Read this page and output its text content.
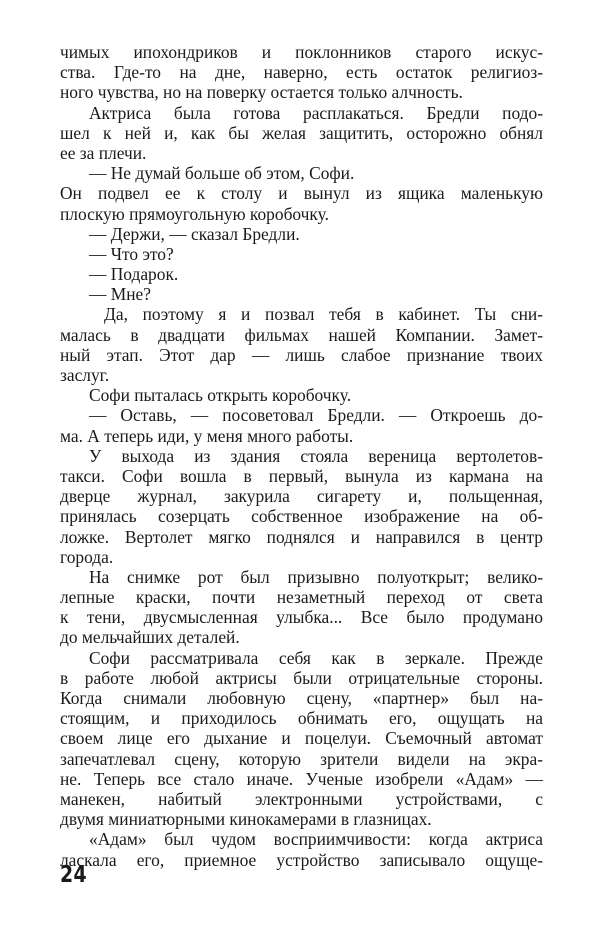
чимых ипохондриков и поклонников старого искус-
ства. Где-то на дне, наверно, есть остаток религиоз-
ного чувства, но на поверку остается только алчность.

Актриса была готова расплакаться. Бредли подо-
шел к ней и, как бы желая защитить, осторожно обнял
ее за плечи.

— Не думай больше об этом, Софи.

Он подвел ее к столу и вынул из ящика маленькую
плоскую прямоугольную коробочку.

— Держи, — сказал Бредли.

— Что это?

— Подарок.

— Мне?

Да, поэтому я и позвал тебя в кабинет. Ты сни-
малась в двадцати фильмах нашей Компании. Замет-
ный этап. Этот дар — лишь слабое признание твоих
заслуг.

Софи пыталась открыть коробочку.

— Оставь, — посоветовал Бредли. — Откроешь до-
ма. А теперь иди, у меня много работы.

У выхода из здания стояла вереница вертолетов-
такси. Софи вошла в первый, вынула из кармана на
дверце журнал, закурила сигарету и, польщенная,
принялась созерцать собственное изображение на об-
ложке. Вертолет мягко поднялся и направился в центр
города.

На снимке рот был призывно полуоткрыт; велико-
лепные краски, почти незаметный переход от света
к тени, двусмысленная улыбка... Все было продумано
до мельчайших деталей.

Софи рассматривала себя как в зеркале. Прежде
в работе любой актрисы были отрицательные стороны.
Когда снимали любовную сцену, «партнер» был на-
стоящим, и приходилось обнимать его, ощущать на
своем лице его дыхание и поцелуи. Съемочный автомат
запечатлевал сцену, которую зрители видели на экра-
не. Теперь все стало иначе. Ученые изобрели «Адам» —
манекен, набитый электронными устройствами, с
двумя миниатюрными кинокамерами в глазницах.

«Адам» был чудом восприимчивости: когда актриса
ласкала его, приемное устройство записывало ощуще-

24
